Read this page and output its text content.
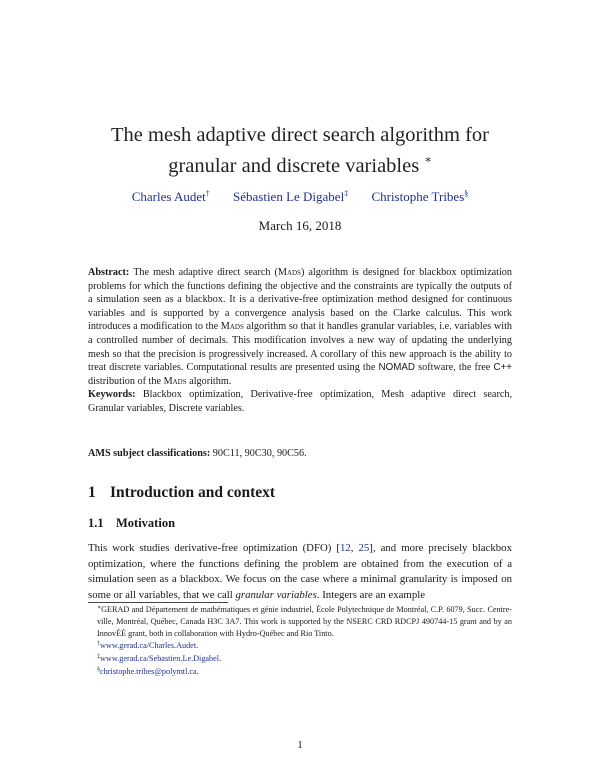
The mesh adaptive direct search algorithm for
granular and discrete variables ∗
Charles Audet† Sébastien Le Digabel‡ Christophe Tribes§
March 16, 2018

Abstract: The mesh adaptive direct search (Mads) algorithm is designed for blackbox optimization problems for which the functions defining the objective and the constraints are typically the outputs of a simulation seen as a blackbox. It is a derivative-free optimization method designed for continuous variables and is supported by a convergence analysis based on the Clarke calculus. This work introduces a modification to the Mads algorithm so that it handles granular variables, i.e. variables with a controlled number of decimals. This modification involves a new way of updating the underlying mesh so that the precision is progressively increased. A corollary of this new approach is the ability to treat discrete variables. Computational results are presented using the NOMAD software, the free C++ distribution of the Mads algorithm.

Keywords: Blackbox optimization, Derivative-free optimization, Mesh adaptive direct search, Granular variables, Discrete variables.

AMS subject classifications: 90C11, 90C30, 90C56.
1 Introduction and context
1.1 Motivation

This work studies derivative-free optimization (DFO) [12, 25], and more precisely blackbox optimization, where the functions defining the problem are obtained from the execution of a simulation seen as a blackbox. We focus on the case where a minimal granularity is imposed on some or all variables, that we call granular variables. Integers are an example

∗GERAD and Département de mathématiques et génie industriel, École Polytechnique de Montréal, C.P. 6079, Succ. Centre-ville, Montréal, Québec, Canada H3C 3A7. This work is supported by the NSERC CRD RDCPJ 490744-15 grant and by an InnovÉÉ grant, both in collaboration with Hydro-Québec and Rio Tinto.

†www.gerad.ca/Charles.Audet.

‡www.gerad.ca/Sebastien.Le.Digabel.

§christophe.tribes@polymtl.ca.

1
